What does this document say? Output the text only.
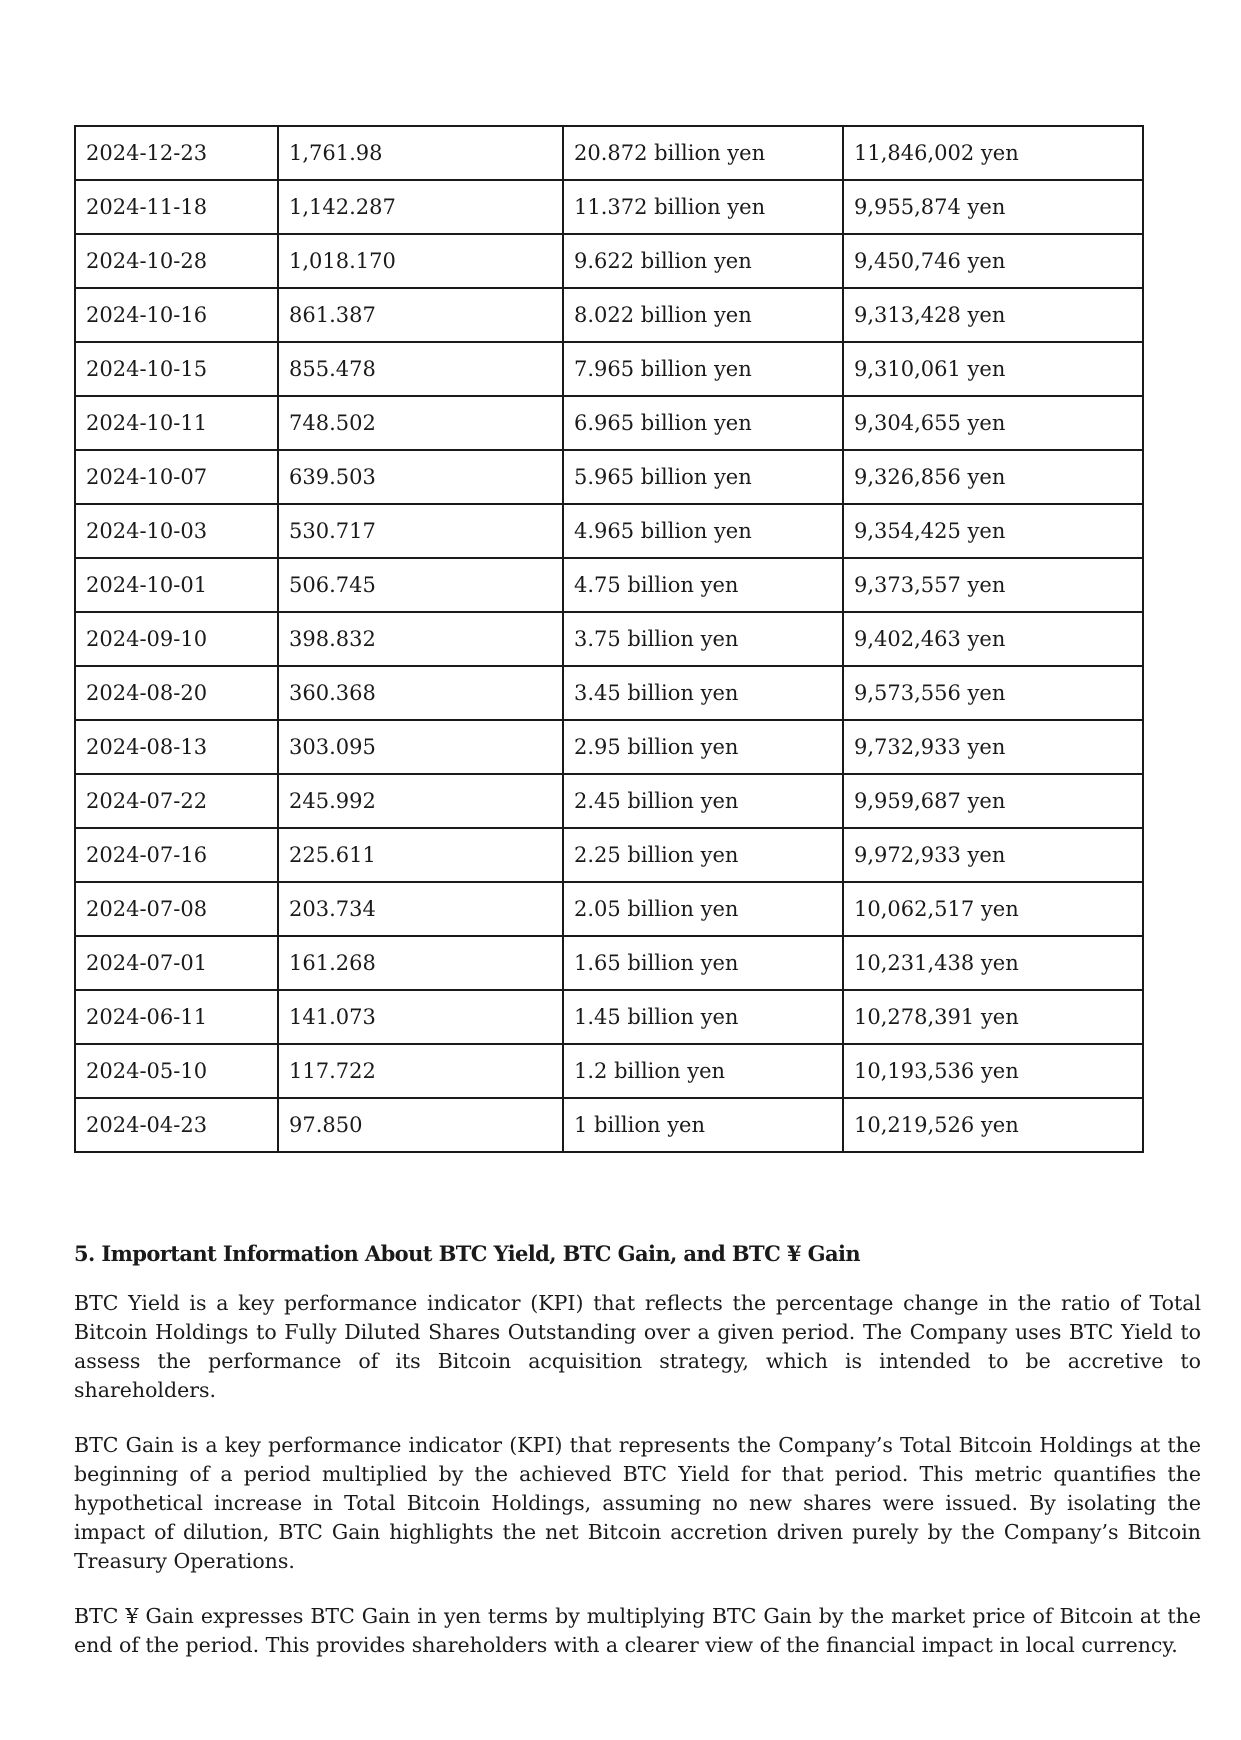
2024-12-23	1,761.98	20.872 billion yen	11,846,002 yen
2024-11-18	1,142.287	11.372 billion yen	9,955,874 yen
2024-10-28	1,018.170	9.622 billion yen	9,450,746 yen
2024-10-16	861.387	8.022 billion yen	9,313,428 yen
2024-10-15	855.478	7.965 billion yen	9,310,061 yen
2024-10-11	748.502	6.965 billion yen	9,304,655 yen
2024-10-07	639.503	5.965 billion yen	9,326,856 yen
2024-10-03	530.717	4.965 billion yen	9,354,425 yen
2024-10-01	506.745	4.75 billion yen	9,373,557 yen
2024-09-10	398.832	3.75 billion yen	9,402,463 yen
2024-08-20	360.368	3.45 billion yen	9,573,556 yen
2024-08-13	303.095	2.95 billion yen	9,732,933 yen
2024-07-22	245.992	2.45 billion yen	9,959,687 yen
2024-07-16	225.611	2.25 billion yen	9,972,933 yen
2024-07-08	203.734	2.05 billion yen	10,062,517 yen
2024-07-01	161.268	1.65 billion yen	10,231,438 yen
2024-06-11	141.073	1.45 billion yen	10,278,391 yen
2024-05-10	117.722	1.2 billion yen	10,193,536 yen
2024-04-23	97.850	1 billion yen	10,219,526 yen
5. Important Information About BTC Yield, BTC Gain, and BTC ¥ Gain

BTC Yield is a key performance indicator (KPI) that reflects the percentage change in the ratio of Total Bitcoin Holdings to Fully Diluted Shares Outstanding over a given period. The Company uses BTC Yield to assess the performance of its Bitcoin acquisition strategy, which is intended to be accretive to shareholders.

BTC Gain is a key performance indicator (KPI) that represents the Company’s Total Bitcoin Holdings at the beginning of a period multiplied by the achieved BTC Yield for that period. This metric quantifies the hypothetical increase in Total Bitcoin Holdings, assuming no new shares were issued. By isolating the impact of dilution, BTC Gain highlights the net Bitcoin accretion driven purely by the Company’s Bitcoin Treasury Operations.

BTC ¥ Gain expresses BTC Gain in yen terms by multiplying BTC Gain by the market price of Bitcoin at the end of the period. This provides shareholders with a clearer view of the financial impact in local currency.
